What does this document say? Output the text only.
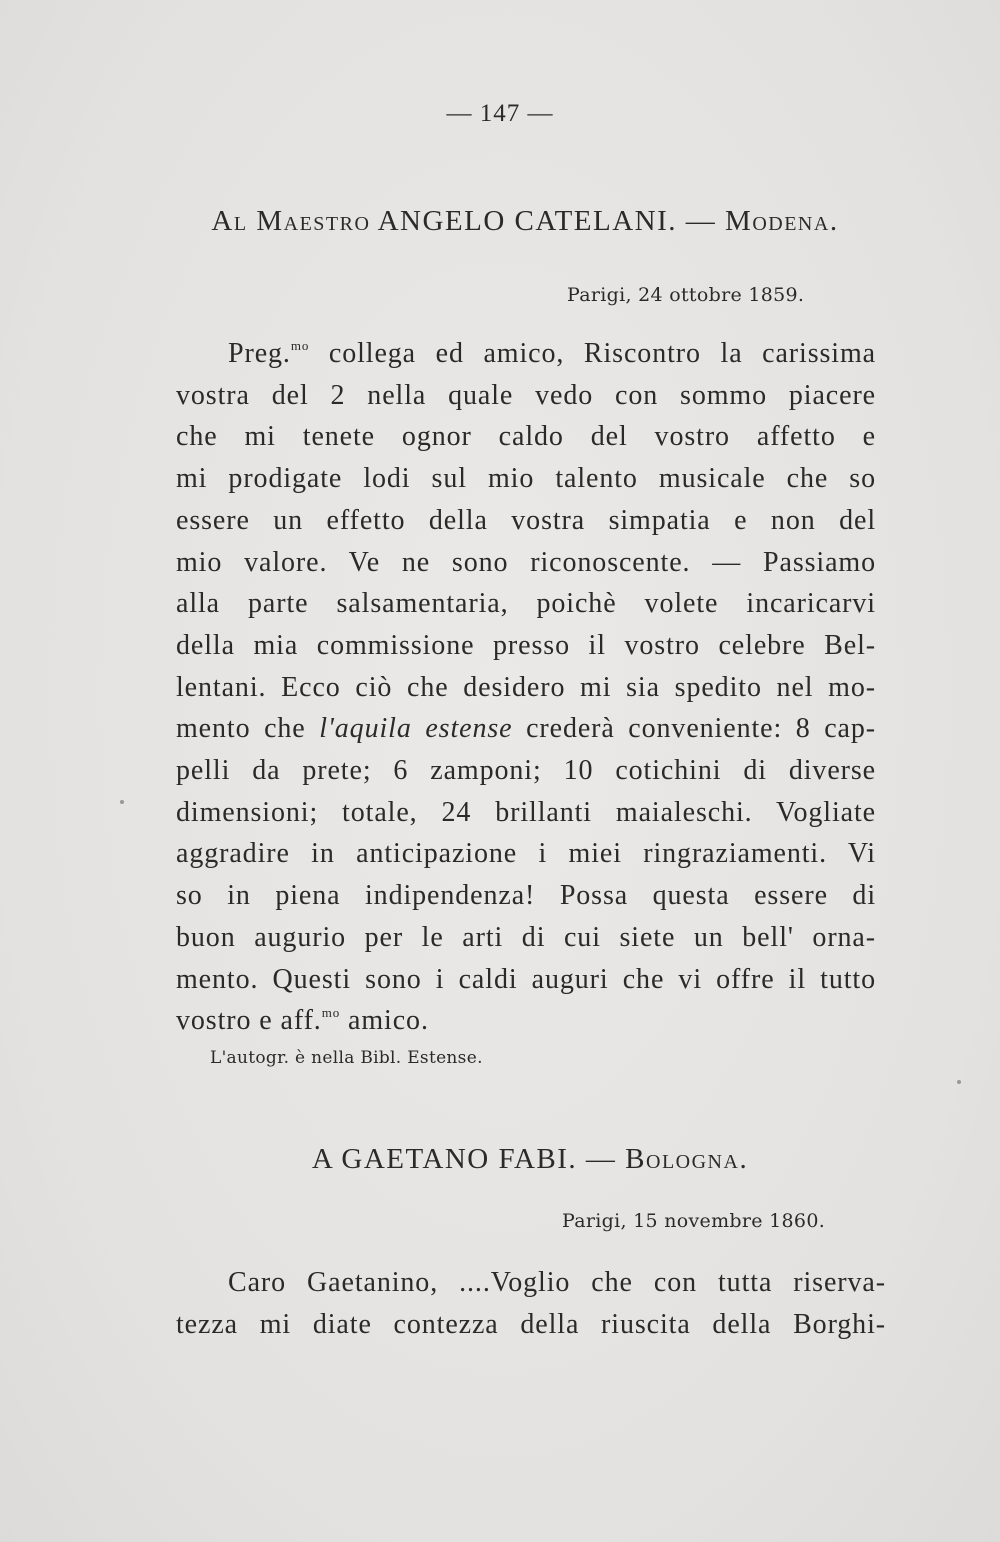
— 147 —
Al Maestro ANGELO CATELANI. — Modena.
Parigi, 24 ottobre 1859.
Preg.$^{mo}$ collega ed amico, Riscontro la carissima
vostra del 2 nella quale vedo con sommo piacere
che mi tenete ognor caldo del vostro affetto e
mi prodigate lodi sul mio talento musicale che so
essere un effetto della vostra simpatia e non del
mio valore. Ve ne sono riconoscente. — Passiamo
alla parte salsamentaria, poichè volete incaricarvi
della mia commissione presso il vostro celebre Bel-
lentani. Ecco ciò che desidero mi sia spedito nel mo-
mento che l'aquila estense crederà conveniente: 8 cap-
pelli da prete; 6 zamponi; 10 cotichini di diverse
dimensioni; totale, 24 brillanti maialeschi. Vogliate
aggradire in anticipazione i miei ringraziamenti. Vi
so in piena indipendenza! Possa questa essere di
buon augurio per le arti di cui siete un bell' orna-
mento. Questi sono i caldi auguri che vi offre il tutto
vostro e aff.$^{mo}$ amico.
L'autogr. è nella Bibl. Estense.
A GAETANO FABI. — Bologna.
Parigi, 15 novembre 1860.
Caro Gaetanino, ....Voglio che con tutta riserva-
tezza mi diate contezza della riuscita della Borghi-
